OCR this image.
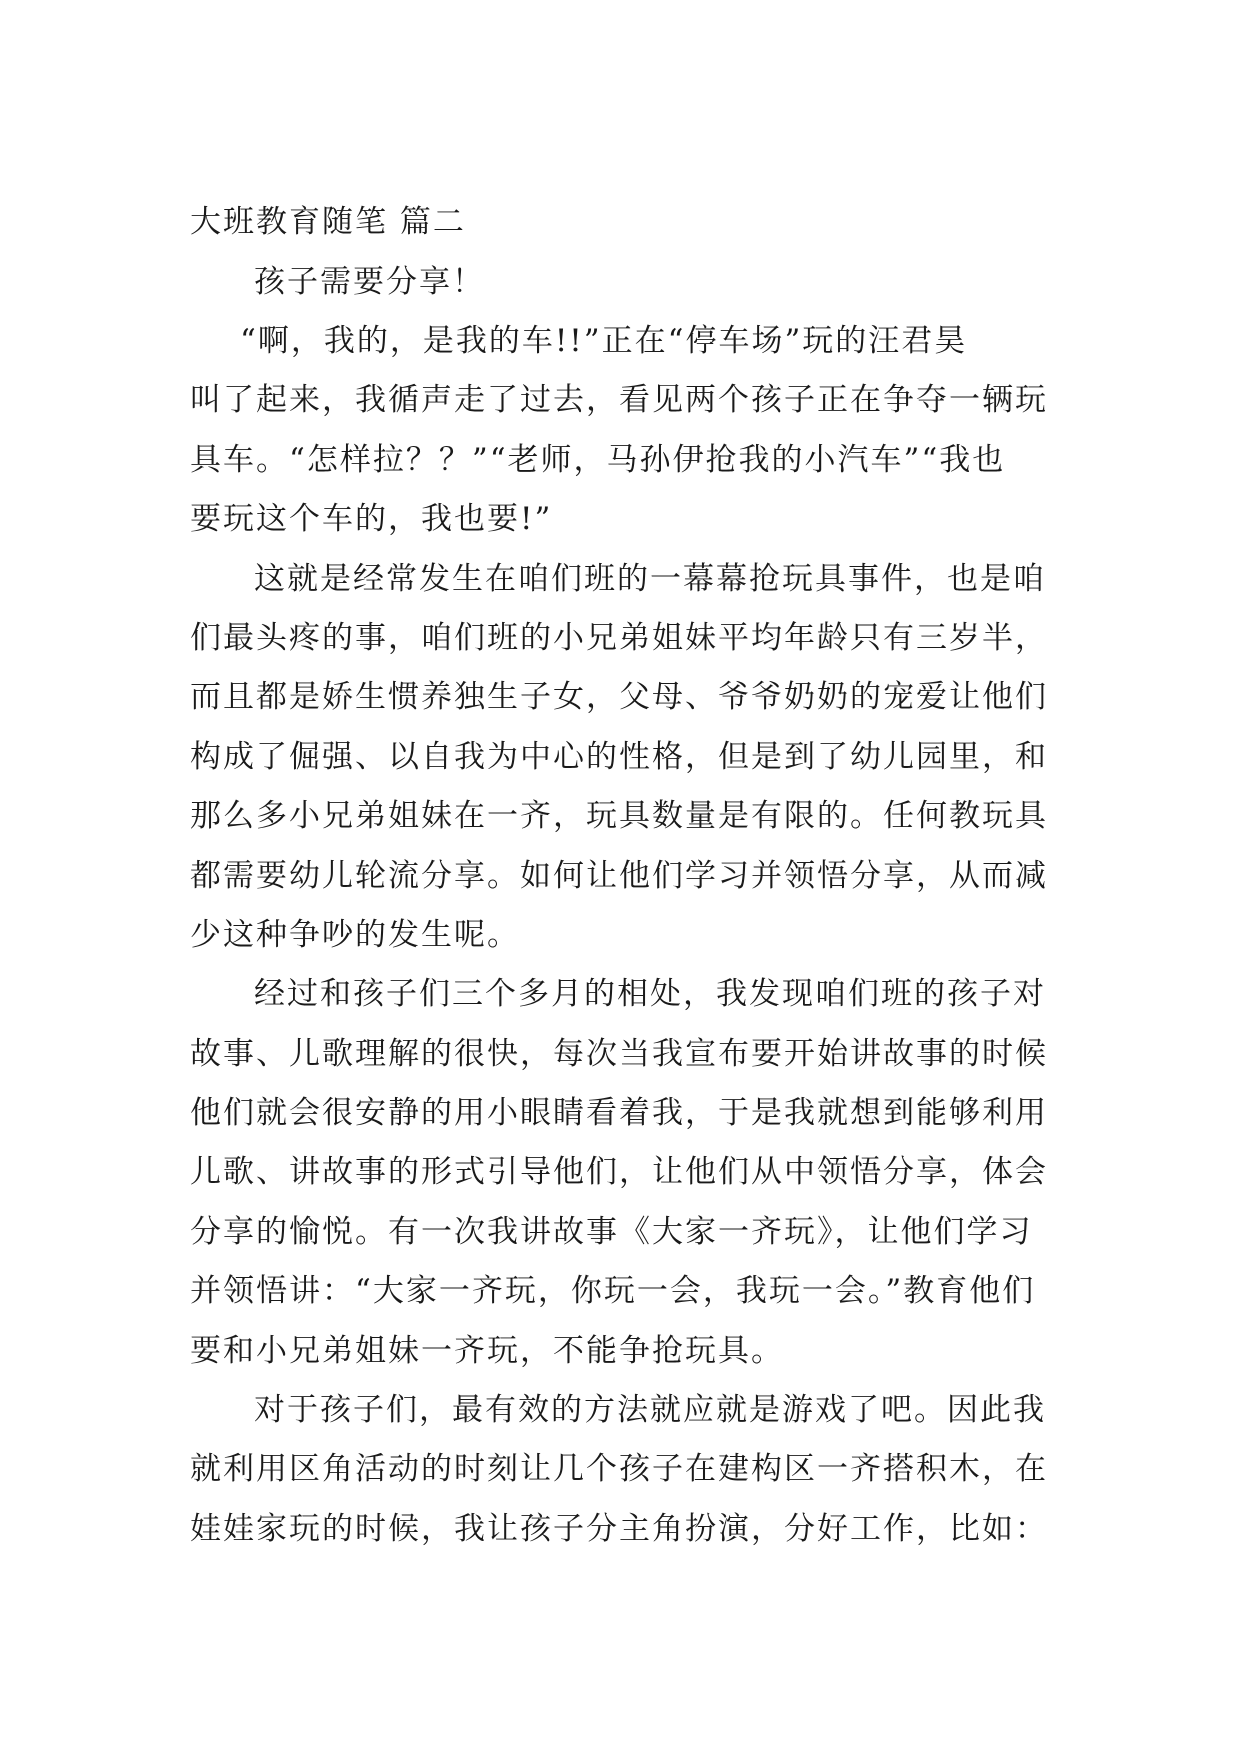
大班教育随笔 篇二
孩子需要分享！
“啊，我的，是我的车!!”正在“停车场”玩的汪君昊
叫了起来，我循声走了过去，看见两个孩子正在争夺一辆玩
具车。“怎样拉？？”“老师，马孙伊抢我的小汽车”“我也
要玩这个车的，我也要!”
这就是经常发生在咱们班的一幕幕抢玩具事件，也是咱
们最头疼的事，咱们班的小兄弟姐妹平均年龄只有三岁半，
而且都是娇生惯养独生子女，父母、爷爷奶奶的宠爱让他们
构成了倔强、以自我为中心的性格，但是到了幼儿园里，和
那么多小兄弟姐妹在一齐，玩具数量是有限的。任何教玩具
都需要幼儿轮流分享。如何让他们学习并领悟分享，从而减
少这种争吵的发生呢。
经过和孩子们三个多月的相处，我发现咱们班的孩子对
故事、儿歌理解的很快，每次当我宣布要开始讲故事的时候
他们就会很安静的用小眼睛看着我，于是我就想到能够利用
儿歌、讲故事的形式引导他们，让他们从中领悟分享，体会
分享的愉悦。有一次我讲故事《大家一齐玩》，让他们学习
并领悟讲：“大家一齐玩，你玩一会，我玩一会。”教育他们
要和小兄弟姐妹一齐玩，不能争抢玩具。
对于孩子们，最有效的方法就应就是游戏了吧。因此我
就利用区角活动的时刻让几个孩子在建构区一齐搭积木，在
娃娃家玩的时候，我让孩子分主角扮演，分好工作，比如：
